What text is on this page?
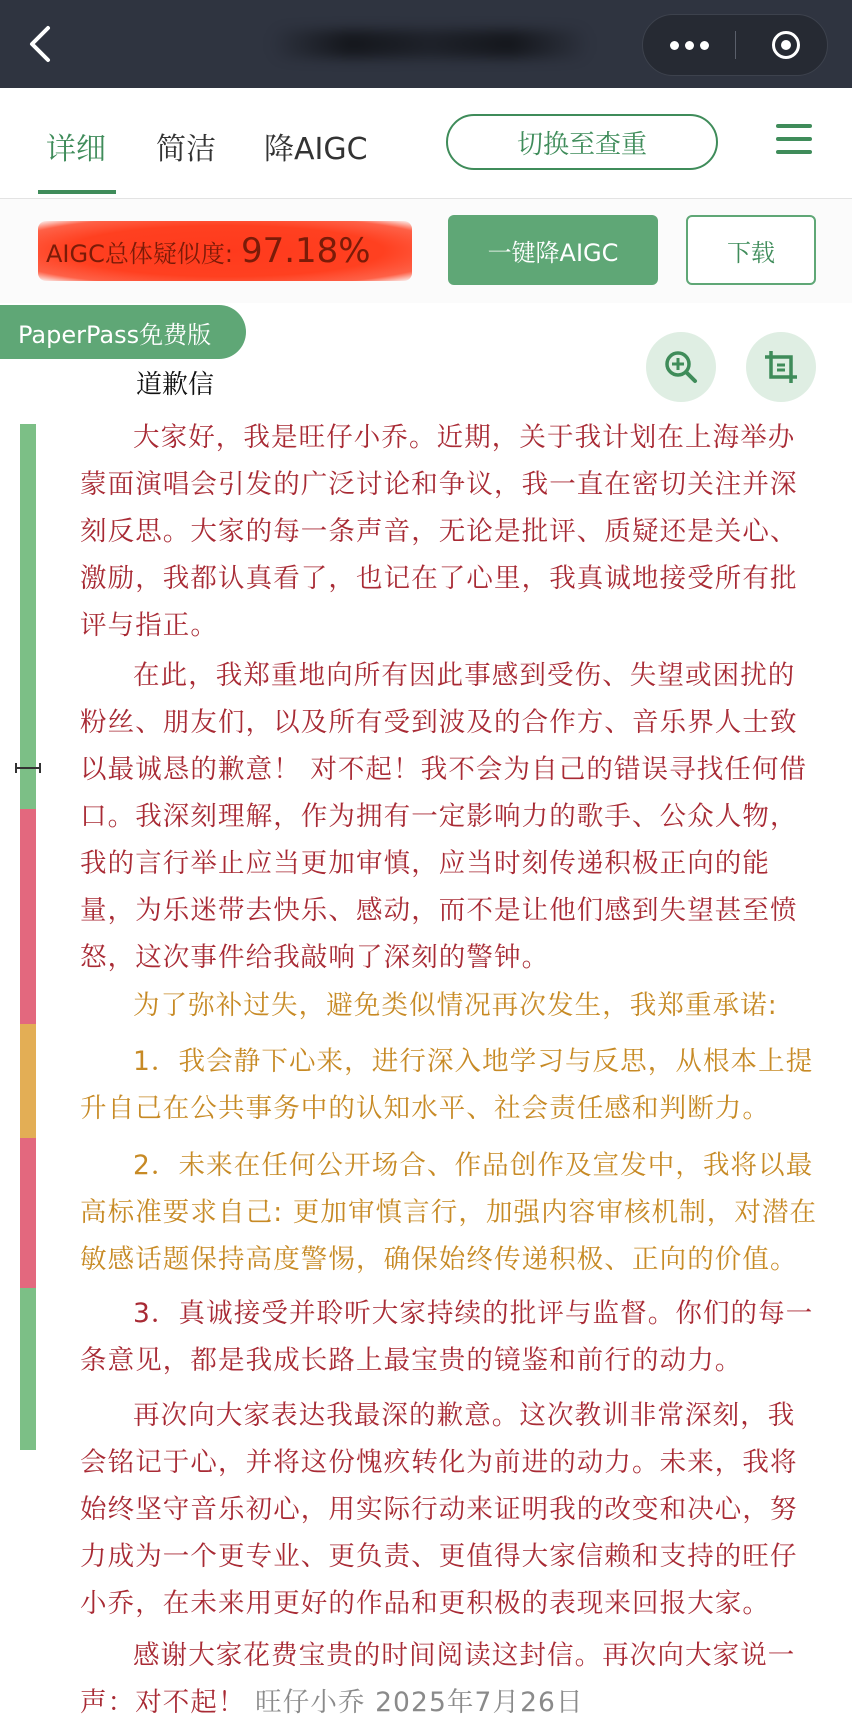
详细 简洁 降AIGC	切换至查重
AIGC总体疑似度: 97.18%	一键降AIGC	下载
PaperPass免费版
道歉信
大家好，我是旺仔小乔。近期，关于我计划在上海举办蒙面演唱会引发的广泛讨论和争议，我一直在密切关注并深刻反思。大家的每一条声音，无论是批评、质疑还是关心、激励，我都认真看了，也记在了心里，我真诚地接受所有批评与指正。
在此，我郑重地向所有因此事感到受伤、失望或困扰的粉丝、朋友们，以及所有受到波及的合作方、音乐界人士致以最诚恳的歉意！ 对不起！我不会为自己的错误寻找任何借口。我深刻理解，作为拥有一定影响力的歌手、公众人物，我的言行举止应当更加审慎，应当时刻传递积极正向的能量，为乐迷带去快乐、感动，而不是让他们感到失望甚至愤怒，这次事件给我敲响了深刻的警钟。
为了弥补过失，避免类似情况再次发生，我郑重承诺:
1．我会静下心来，进行深入地学习与反思，从根本上提升自己在公共事务中的认知水平、社会责任感和判断力。
2．未来在任何公开场合、作品创作及宣发中，我将以最高标准要求自己: 更加审慎言行，加强内容审核机制，对潜在敏感话题保持高度警惕，确保始终传递积极、正向的价值。
3．真诚接受并聆听大家持续的批评与监督。你们的每一条意见，都是我成长路上最宝贵的镜鉴和前行的动力。
再次向大家表达我最深的歉意。这次教训非常深刻，我会铭记于心，并将这份愧疚转化为前进的动力。未来，我将始终坚守音乐初心，用实际行动来证明我的改变和决心，努力成为一个更专业、更负责、更值得大家信赖和支持的旺仔小乔，在未来用更好的作品和更积极的表现来回报大家。
感谢大家花费宝贵的时间阅读这封信。再次向大家说一声：对不起！ 旺仔小乔 2025年7月26日
